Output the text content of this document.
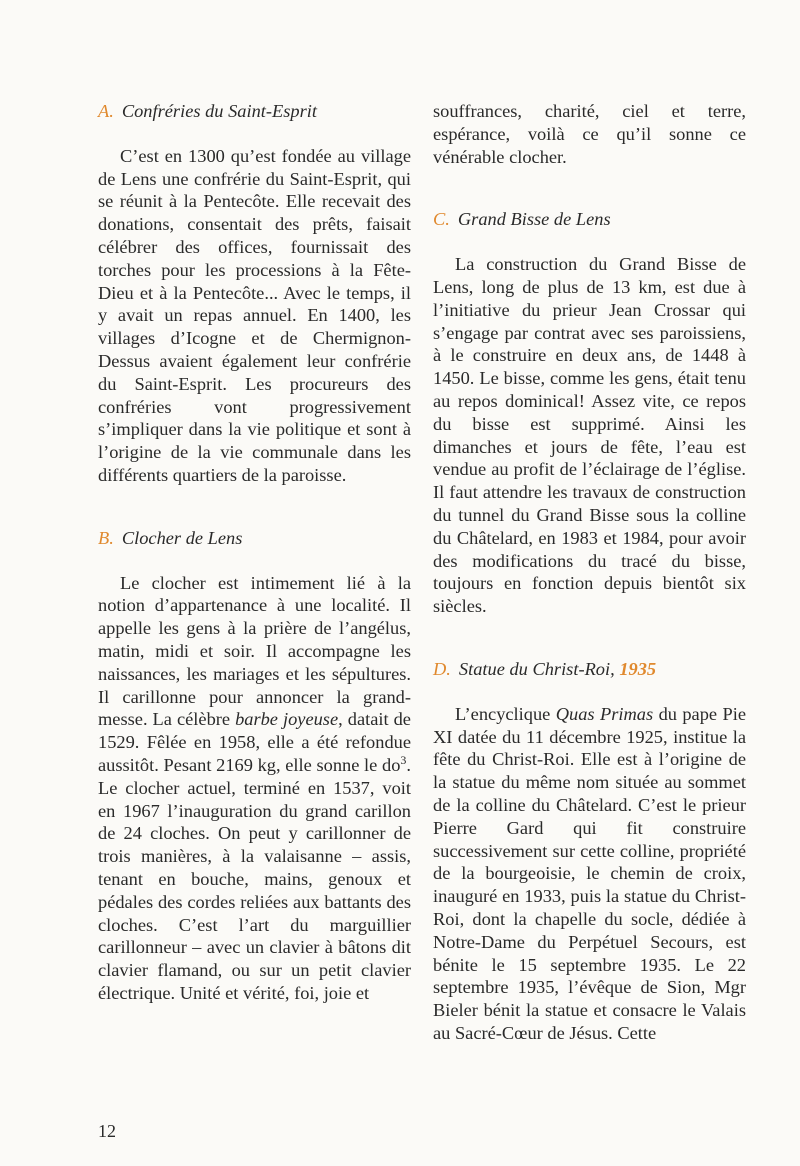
A. Confréries du Saint-Esprit

C’est en 1300 qu’est fondée au village de Lens une confrérie du Saint-Esprit, qui se réunit à la Pentecôte. Elle recevait des donations, consentait des prêts, faisait célébrer des offices, fournissait des torches pour les processions à la Fête-Dieu et à la Pentecôte... Avec le temps, il y avait un repas annuel. En 1400, les villages d’Icogne et de Chermignon-Dessus avaient également leur confrérie du Saint-Esprit. Les procureurs des confréries vont progressivement s’impliquer dans la vie politique et sont à l’origine de la vie communale dans les différents quartiers de la paroisse.

B. Clocher de Lens

Le clocher est intimement lié à la notion d’appartenance à une localité. Il appelle les gens à la prière de l’angélus, matin, midi et soir. Il accompagne les naissances, les mariages et les sépultures. Il carillonne pour annoncer la grand-messe. La célèbre barbe joyeuse, datait de 1529. Fêlée en 1958, elle a été refondue aussitôt. Pesant 2169 kg, elle sonne le $do^3$. Le clocher actuel, terminé en 1537, voit en 1967 l’inauguration du grand carillon de 24 cloches. On peut y carillonner de trois manières, à la valaisanne – assis, tenant en bouche, mains, genoux et pédales des cordes reliées aux battants des cloches. C’est l’art du marguillier carillonneur – avec un clavier à bâtons dit clavier flamand, ou sur un petit clavier électrique. Unité et vérité, foi, joie et

souffrances, charité, ciel et terre, espérance, voilà ce qu’il sonne ce vénérable clocher.

C. Grand Bisse de Lens

La construction du Grand Bisse de Lens, long de plus de 13 km, est due à l’initiative du prieur Jean Crossar qui s’engage par contrat avec ses paroissiens, à le construire en deux ans, de 1448 à 1450. Le bisse, comme les gens, était tenu au repos dominical! Assez vite, ce repos du bisse est supprimé. Ainsi les dimanches et jours de fête, l’eau est vendue au profit de l’éclairage de l’église. Il faut attendre les travaux de construction du tunnel du Grand Bisse sous la colline du Châtelard, en 1983 et 1984, pour avoir des modifications du tracé du bisse, toujours en fonction depuis bientôt six siècles.

D. Statue du Christ-Roi, 1935

L’encyclique Quas Primas du pape Pie XI datée du 11 décembre 1925, institue la fête du Christ-Roi. Elle est à l’origine de la statue du même nom située au sommet de la colline du Châtelard. C’est le prieur Pierre Gard qui fit construire successivement sur cette colline, propriété de la bourgeoisie, le chemin de croix, inauguré en 1933, puis la statue du Christ-Roi, dont la chapelle du socle, dédiée à Notre-Dame du Perpétuel Secours, est bénite le 15 septembre 1935. Le 22 septembre 1935, l’évêque de Sion, Mgr Bieler bénit la statue et consacre le Valais au Sacré-Cœur de Jésus. Cette

12
